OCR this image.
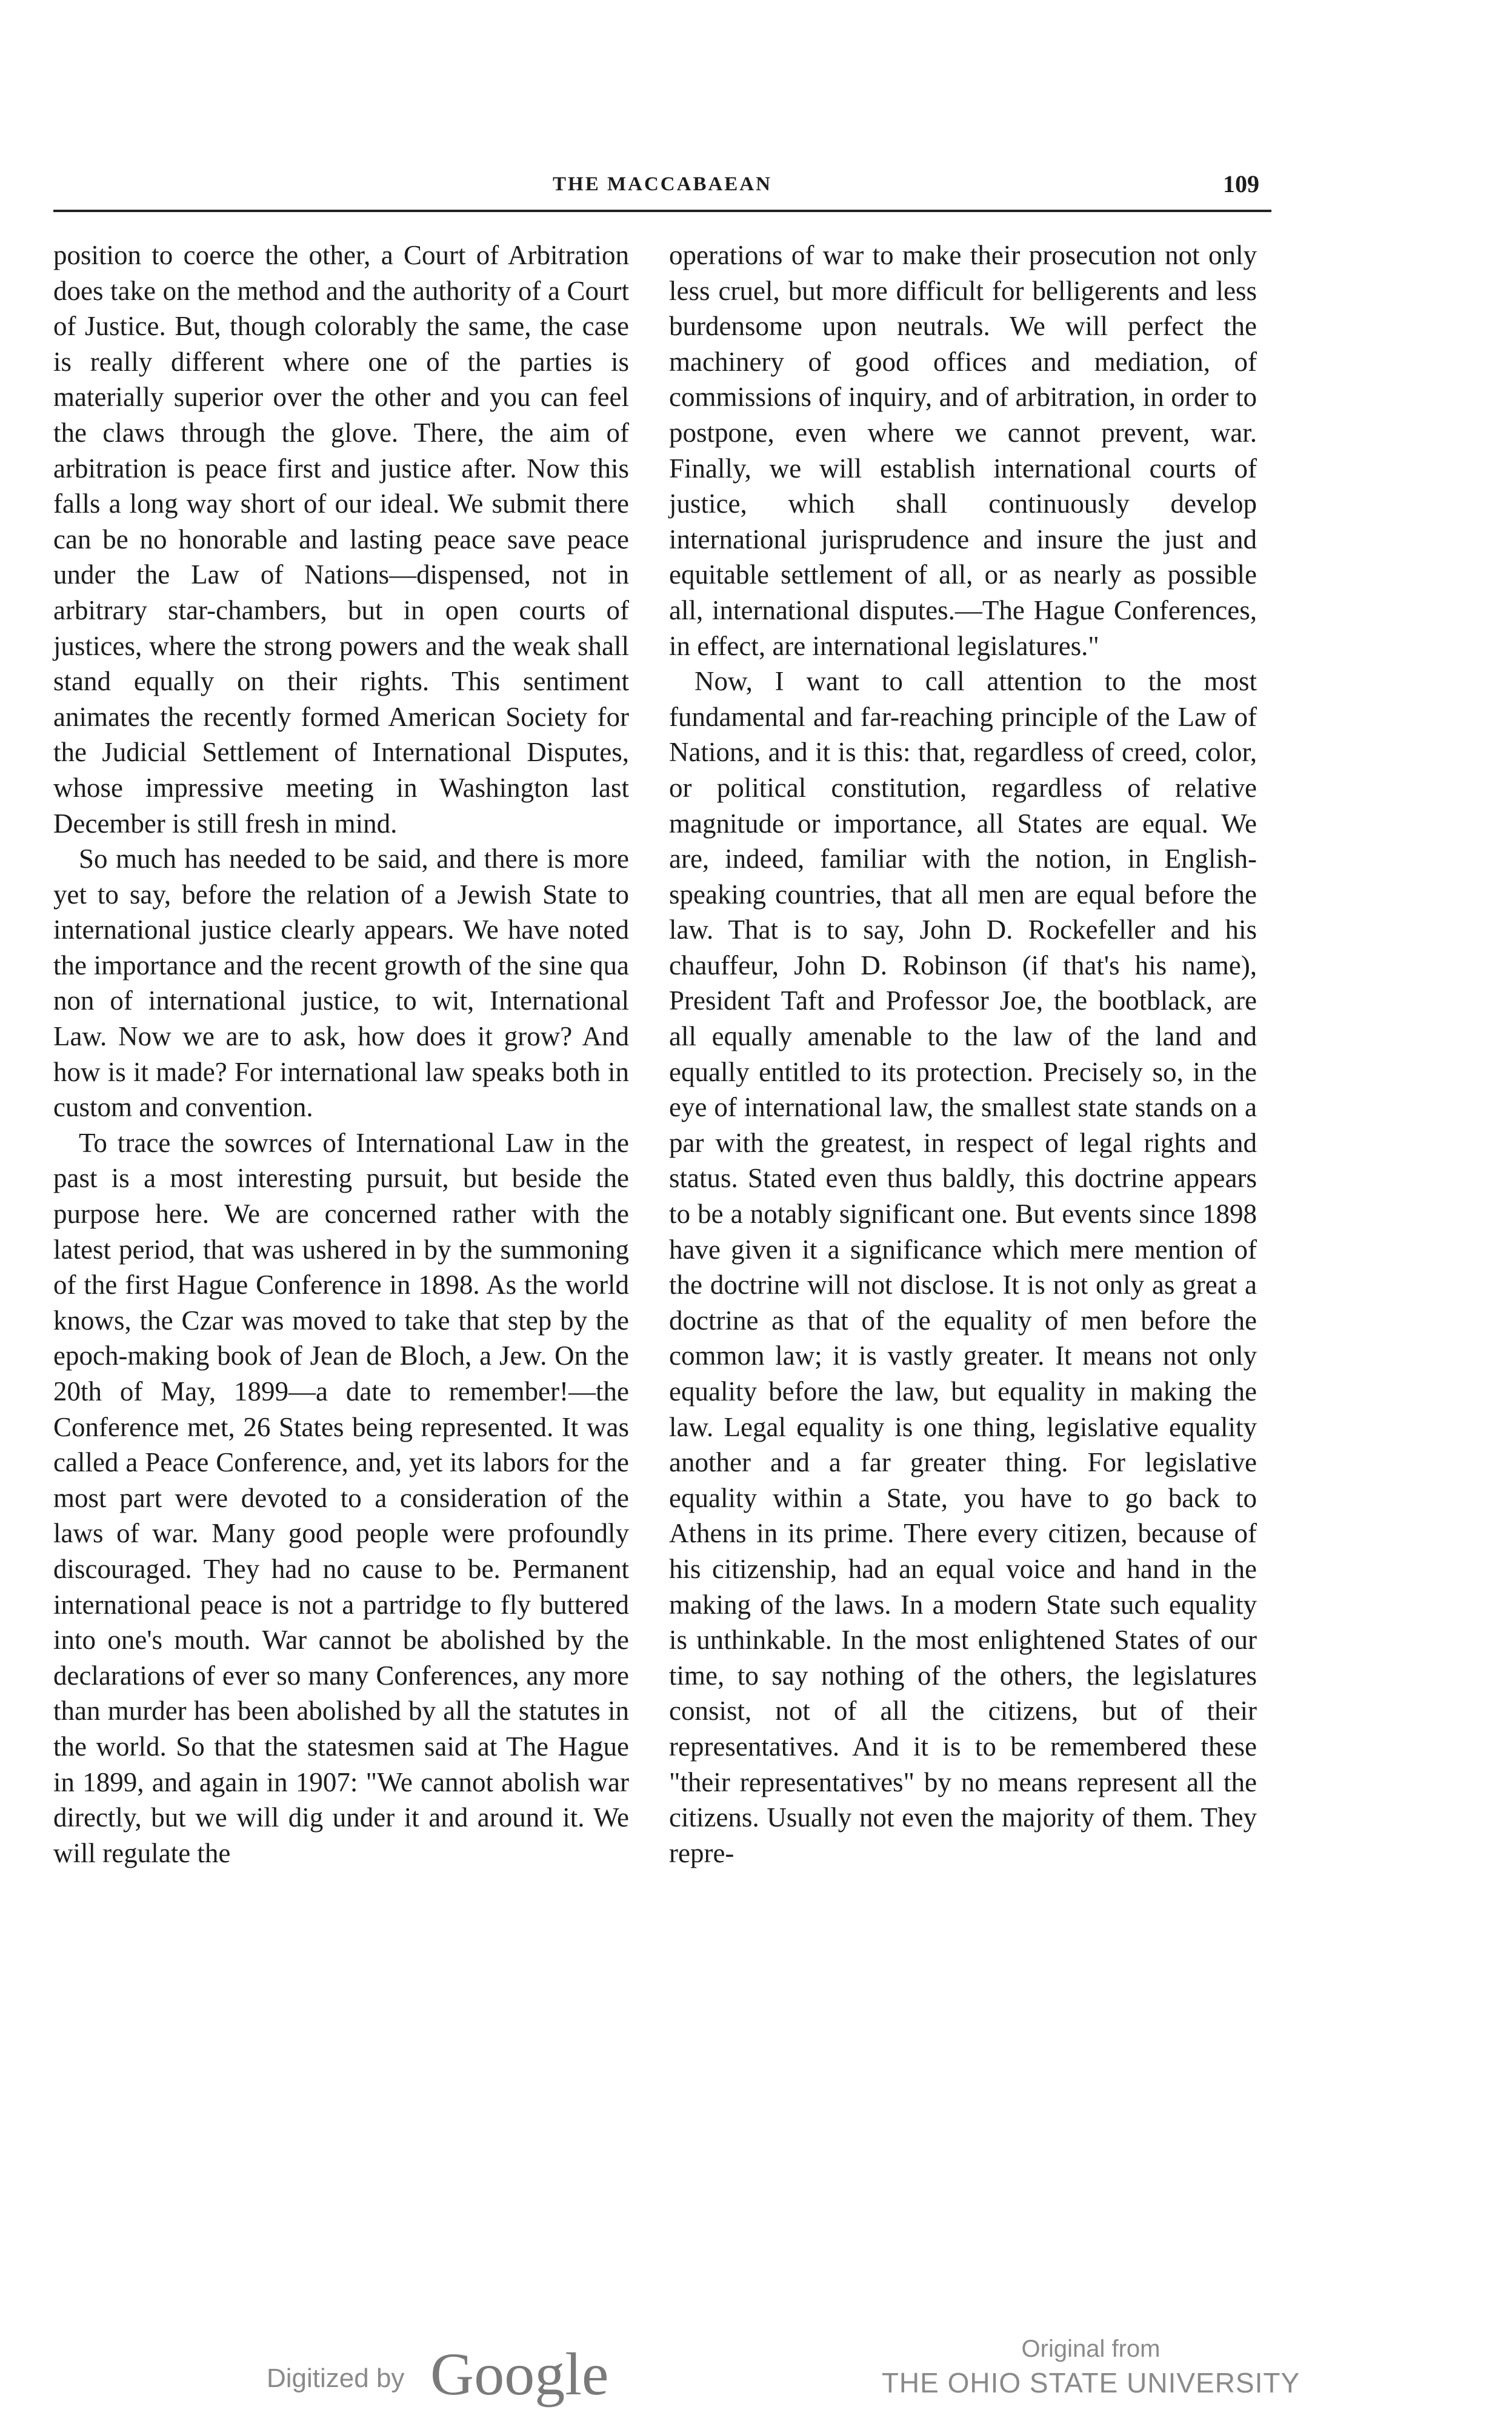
THE MACCABAEAN	109

position to coerce the other, a Court of Arbitration does take on the method and the authority of a Court of Justice. But, though colorably the same, the case is really different where one of the parties is materially superior over the other and you can feel the claws through the glove. There, the aim of arbitration is peace first and justice after. Now this falls a long way short of our ideal. We submit there can be no honorable and lasting peace save peace under the Law of Nations—dispensed, not in arbitrary star-chambers, but in open courts of justices, where the strong powers and the weak shall stand equally on their rights. This sentiment animates the recently formed American Society for the Judicial Settlement of International Disputes, whose impressive meeting in Washington last December is still fresh in mind.

So much has needed to be said, and there is more yet to say, before the relation of a Jewish State to international justice clearly appears. We have noted the importance and the recent growth of the sine qua non of international justice, to wit, International Law. Now we are to ask, how does it grow? And how is it made? For international law speaks both in custom and convention.

To trace the sowrces of International Law in the past is a most interesting pursuit, but beside the purpose here. We are concerned rather with the latest period, that was ushered in by the summoning of the first Hague Conference in 1898. As the world knows, the Czar was moved to take that step by the epoch-making book of Jean de Bloch, a Jew. On the 20th of May, 1899—a date to remember!—the Conference met, 26 States being represented. It was called a Peace Conference, and, yet its labors for the most part were devoted to a consideration of the laws of war. Many good people were profoundly discouraged. They had no cause to be. Permanent international peace is not a partridge to fly buttered into one's mouth. War cannot be abolished by the declarations of ever so many Conferences, any more than murder has been abolished by all the statutes in the world. So that the statesmen said at The Hague in 1899, and again in 1907: "We cannot abolish war directly, but we will dig under it and around it. We will regulate the

operations of war to make their prosecution not only less cruel, but more difficult for belligerents and less burdensome upon neutrals. We will perfect the machinery of good offices and mediation, of commissions of inquiry, and of arbitration, in order to postpone, even where we cannot prevent, war. Finally, we will establish international courts of justice, which shall continuously develop international jurisprudence and insure the just and equitable settlement of all, or as nearly as possible all, international disputes.—The Hague Conferences, in effect, are international legislatures."

Now, I want to call attention to the most fundamental and far-reaching principle of the Law of Nations, and it is this: that, regardless of creed, color, or political constitution, regardless of relative magnitude or importance, all States are equal. We are, indeed, familiar with the notion, in English-speaking countries, that all men are equal before the law. That is to say, John D. Rockefeller and his chauffeur, John D. Robinson (if that's his name), President Taft and Professor Joe, the bootblack, are all equally amenable to the law of the land and equally entitled to its protection. Precisely so, in the eye of international law, the smallest state stands on a par with the greatest, in respect of legal rights and status. Stated even thus baldly, this doctrine appears to be a notably significant one. But events since 1898 have given it a significance which mere mention of the doctrine will not disclose. It is not only as great a doctrine as that of the equality of men before the common law; it is vastly greater. It means not only equality before the law, but equality in making the law. Legal equality is one thing, legislative equality another and a far greater thing. For legislative equality within a State, you have to go back to Athens in its prime. There every citizen, because of his citizenship, had an equal voice and hand in the making of the laws. In a modern State such equality is unthinkable. In the most enlightened States of our time, to say nothing of the others, the legislatures consist, not of all the citizens, but of their representatives. And it is to be remembered these "their representatives" by no means represent all the citizens. Usually not even the majority of them. They repre-

Digitized by Google	Original from
THE OHIO STATE UNIVERSITY
